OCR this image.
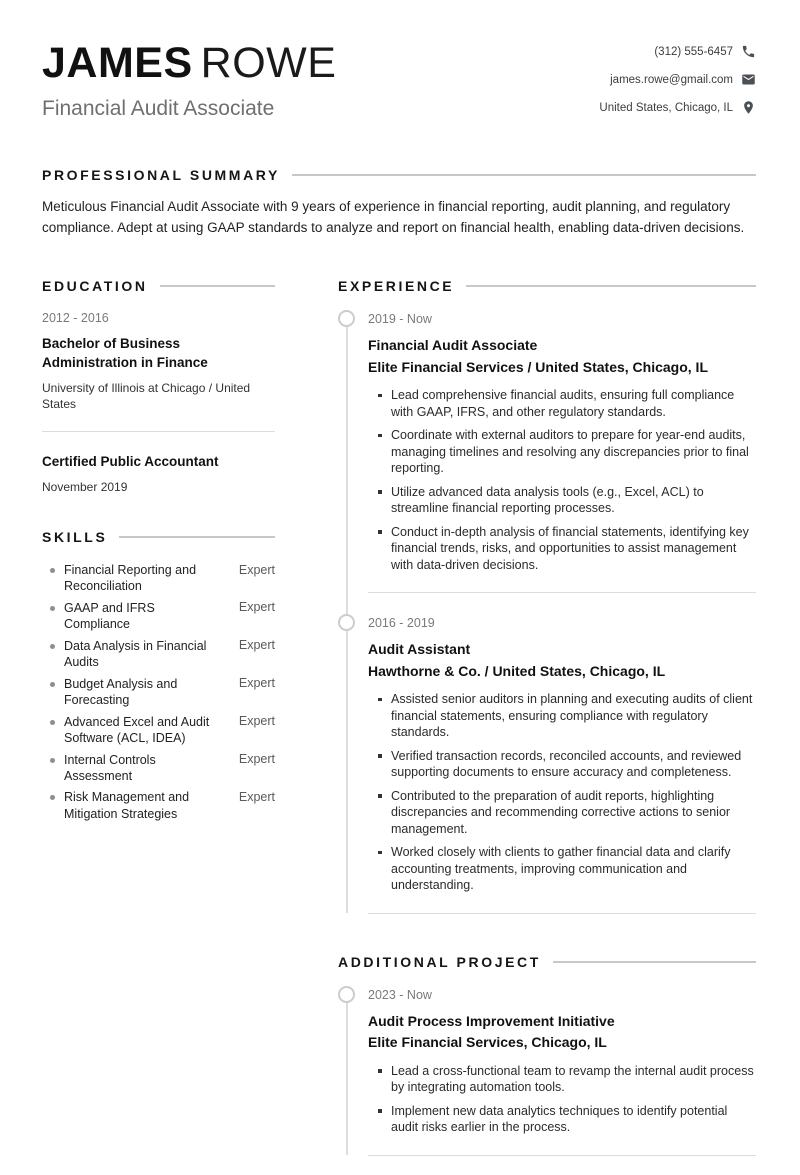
JAMES ROWE
Financial Audit Associate
(312) 555-6457
james.rowe@gmail.com
United States, Chicago, IL
PROFESSIONAL SUMMARY

Meticulous Financial Audit Associate with 9 years of experience in financial reporting, audit planning, and regulatory compliance. Adept at using GAAP standards to analyze and report on financial health, enabling data-driven decisions.

EDUCATION
2012 - 2016
Bachelor of Business Administration in Finance
University of Illinois at Chicago / United States
Certified Public Accountant
November 2019
SKILLS
Financial Reporting and Reconciliation
Expert
GAAP and IFRS Compliance
Expert
Data Analysis in Financial Audits
Expert
Budget Analysis and Forecasting
Expert
Advanced Excel and Audit Software (ACL, IDEA)
Expert
Internal Controls Assessment
Expert
Risk Management and Mitigation Strategies
Expert
EXPERIENCE
2019 - Now
Financial Audit Associate
Elite Financial Services / United States, Chicago, IL
Lead comprehensive financial audits, ensuring full compliance with GAAP, IFRS, and other regulatory standards.
Coordinate with external auditors to prepare for year-end audits, managing timelines and resolving any discrepancies prior to final reporting.
Utilize advanced data analysis tools (e.g., Excel, ACL) to streamline financial reporting processes.
Conduct in-depth analysis of financial statements, identifying key financial trends, risks, and opportunities to assist management with data-driven decisions.
2016 - 2019
Audit Assistant
Hawthorne & Co. / United States, Chicago, IL
Assisted senior auditors in planning and executing audits of client financial statements, ensuring compliance with regulatory standards.
Verified transaction records, reconciled accounts, and reviewed supporting documents to ensure accuracy and completeness.
Contributed to the preparation of audit reports, highlighting discrepancies and recommending corrective actions to senior management.
Worked closely with clients to gather financial data and clarify accounting treatments, improving communication and understanding.
ADDITIONAL PROJECT
2023 - Now
Audit Process Improvement Initiative
Elite Financial Services, Chicago, IL
Lead a cross-functional team to revamp the internal audit process by integrating automation tools.
Implement new data analytics techniques to identify potential audit risks earlier in the process.
